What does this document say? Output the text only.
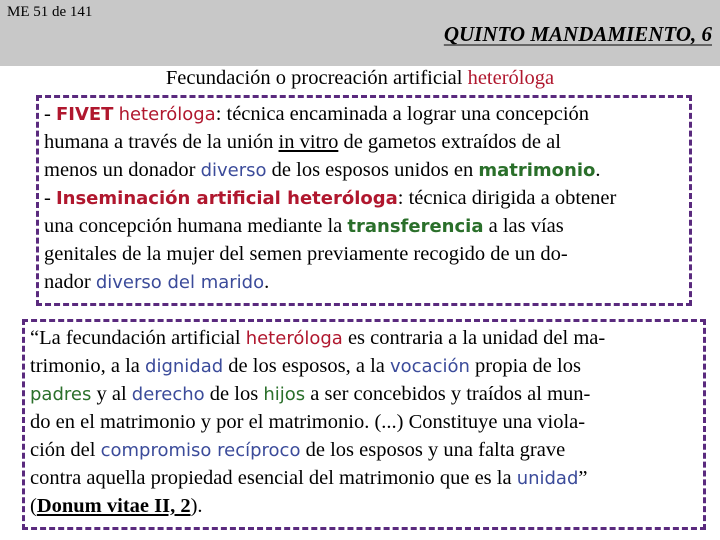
ME 51 de 141
QUINTO MANDAMIENTO, 6
Fecundación o procreación artificial heteróloga
- FIVET heteróloga: técnica encaminada a lograr una concepción
humana a través de la unión in vitro de gametos extraídos de al
menos un donador diverso de los esposos unidos en matrimonio.
- Inseminación artificial heteróloga: técnica dirigida a obtener
una concepción humana mediante la transferencia a las vías
genitales de la mujer del semen previamente recogido de un do-
nador diverso del marido.
“La fecundación artificial heteróloga es contraria a la unidad del ma-
trimonio, a la dignidad de los esposos, a la vocación propia de los
padres y al derecho de los hijos a ser concebidos y traídos al mun-
do en el matrimonio y por el matrimonio. (...) Constituye una viola-
ción del compromiso recíproco de los esposos y una falta grave
contra aquella propiedad esencial del matrimonio que es la unidad”
(Donum vitae II, 2).
